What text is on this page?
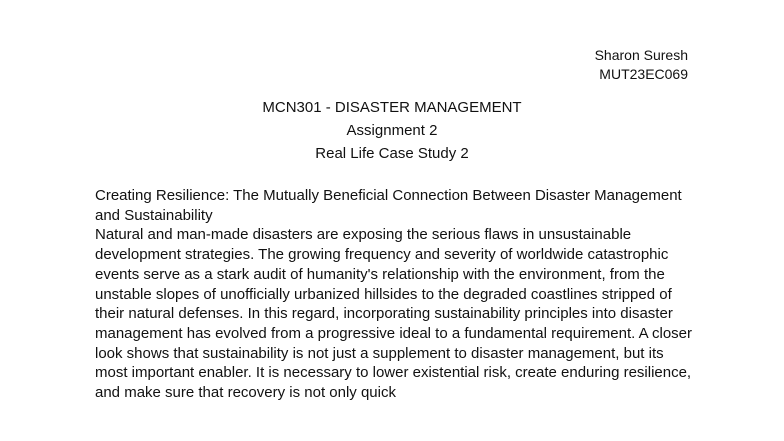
Sharon Suresh
MUT23EC069
MCN301 - DISASTER MANAGEMENT
Assignment 2
Real Life Case Study 2

Creating Resilience: The Mutually Beneficial Connection Between Disaster Management and Sustainability

Natural and man-made disasters are exposing the serious flaws in unsustainable development strategies. The growing frequency and severity of worldwide catastrophic events serve as a stark audit of humanity's relationship with the environment, from the unstable slopes of unofficially urbanized hillsides to the degraded coastlines stripped of their natural defenses. In this regard, incorporating sustainability principles into disaster management has evolved from a progressive ideal to a fundamental requirement. A closer look shows that sustainability is not just a supplement to disaster management, but its most important enabler. It is necessary to lower existential risk, create enduring resilience, and make sure that recovery is not only quick
